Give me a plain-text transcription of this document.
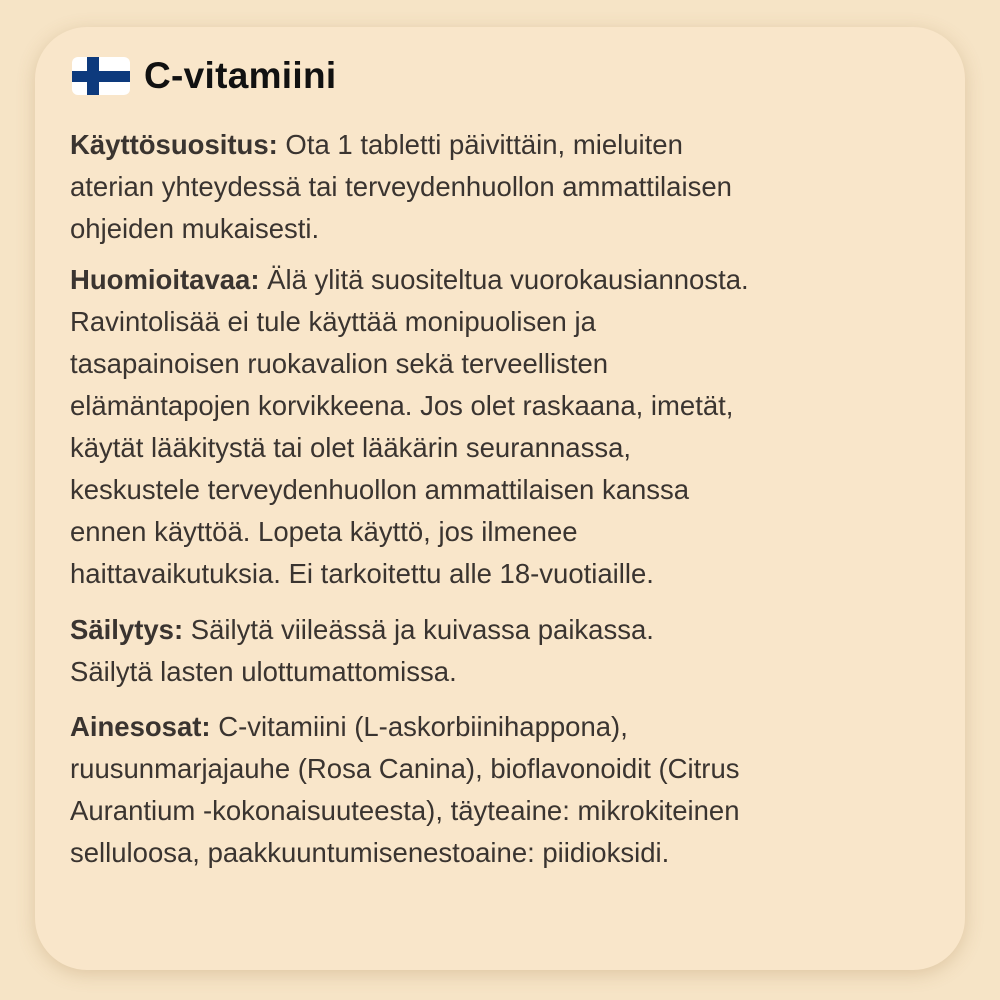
C-vitamiini
Käyttösuositus: Ota 1 tabletti päivittäin, mieluiten
aterian yhteydessä tai terveydenhuollon ammattilaisen
ohjeiden mukaisesti.
Huomioitavaa: Älä ylitä suositeltua vuorokausiannosta.
Ravintolisää ei tule käyttää monipuolisen ja
tasapainoisen ruokavalion sekä terveellisten
elämäntapojen korvikkeena. Jos olet raskaana, imetät,
käytät lääkitystä tai olet lääkärin seurannassa,
keskustele terveydenhuollon ammattilaisen kanssa
ennen käyttöä. Lopeta käyttö, jos ilmenee
haittavaikutuksia. Ei tarkoitettu alle 18-vuotiaille.
Säilytys: Säilytä viileässä ja kuivassa paikassa.
Säilytä lasten ulottumattomissa.
Ainesosat: C-vitamiini (L-askorbiinihappona),
ruusunmarjajauhe (Rosa Canina), bioflavonoidit (Citrus
Aurantium -kokonaisuuteesta), täyteaine: mikrokiteinen
selluloosa, paakkuuntumisenestoaine: piidioksidi.
